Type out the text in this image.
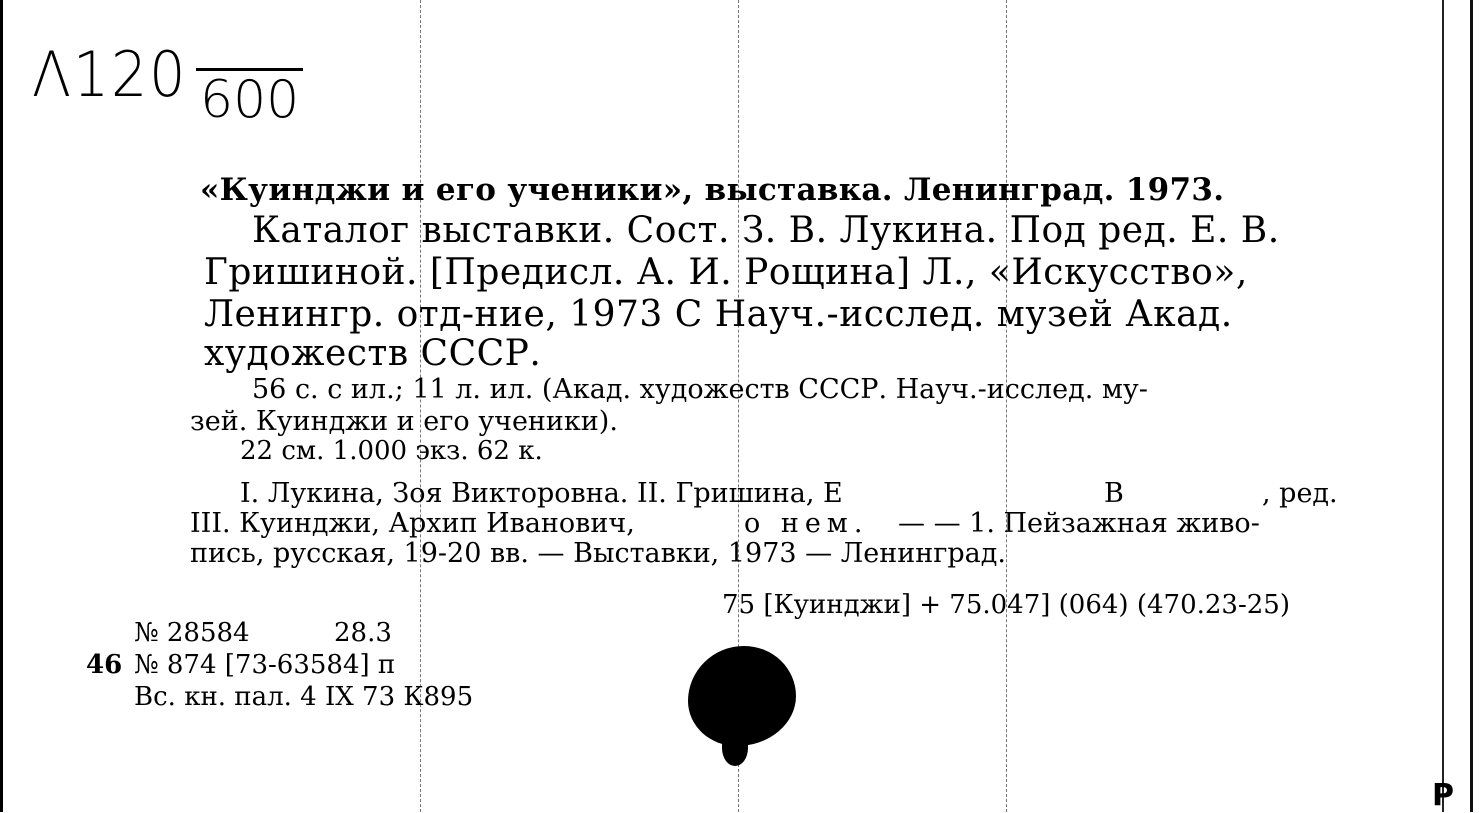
Λ120 600
«Куинджи и его ученики», выставка. Ленинград. 1973.
Каталог выставки. Сост. З. В. Лукина. Под ред. Е. В.
Гришиной. [Предисл. А. И. Рощина] Л., «Искусство»,
Ленингр. отд-ние, 1973 С Науч.-исслед. музей Акад.
художеств СССР.
56 с. с ил.; 11 л. ил. (Акад. художеств СССР. Науч.-исслед. му-
зей. Куинджи и его ученики).
22 см. 1.000 экз. 62 к.
I. Лукина, Зоя Викторовна. II. Гришина, Е	В	, ред.
III. Куинджи, Архип Иванович,	о нем. — — 1. Пейзажная живо-
пись, русская, 19-20 вв. — Выставки, 1973 — Ленинград.
75 [Куинджи] + 75.047] (064) (470.23-25)
№ 28584	28.3
46 № 874 [73-63584] п
Вс. кн. пал. 4 IX 73 К895
Р
